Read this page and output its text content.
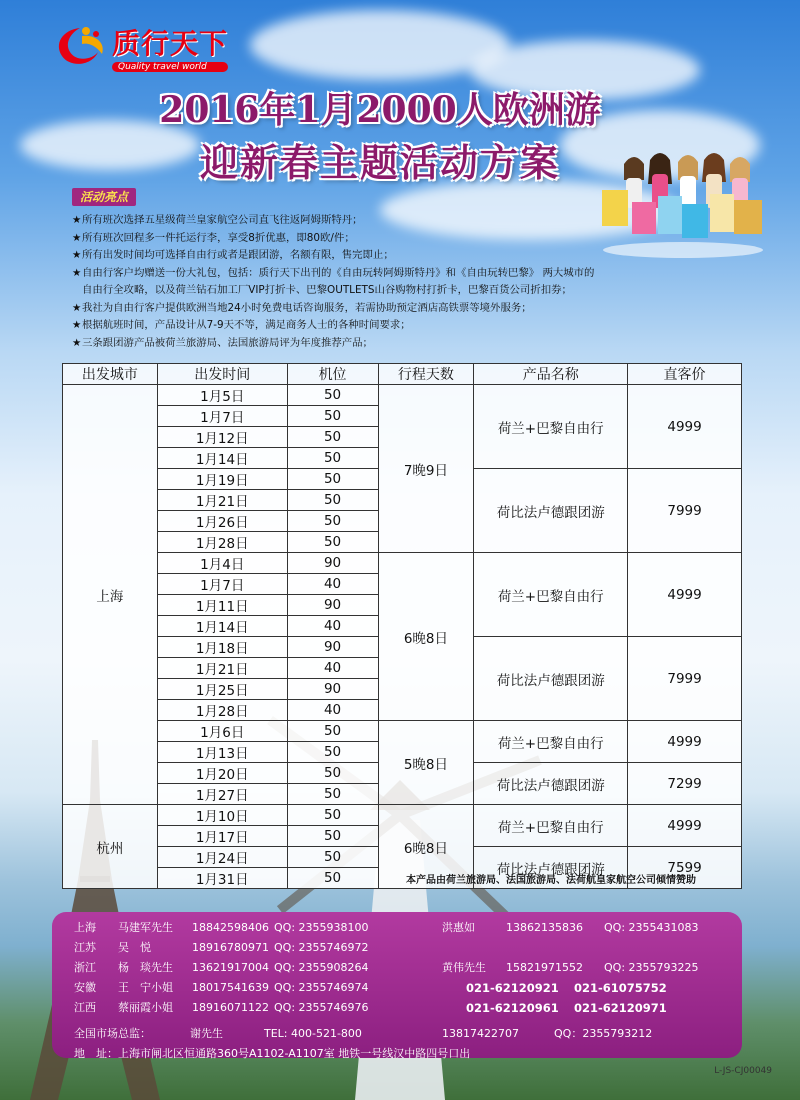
质行天下
Quality travel world
2016年1月2000人欧洲游
迎新春主题活动方案
活动亮点
★ 所有班次选择五星级荷兰皇家航空公司直飞往返阿姆斯特丹；
★ 所有班次回程多一件托运行李，享受8折优惠，即80欧/件；
★ 所有出发时间均可选择自由行或者是跟团游，名额有限，售完即止；
★ 自由行客户均赠送一份大礼包，包括：质行天下出刊的《自由玩转阿姆斯特丹》和《自由玩转巴黎》 两大城市的
自由行全攻略，以及荷兰钻石加工厂VIP打折卡、巴黎OUTLETS山谷购物村打折卡，巴黎百货公司折扣券；
★ 我社为自由行客户提供欧洲当地24小时免费电话咨询服务，若需协助预定酒店高铁票等境外服务；
★ 根据航班时间，产品设计从7-9天不等，满足商务人士的各种时间要求；
★ 三条跟团游产品被荷兰旅游局、法国旅游局评为年度推荐产品；
出发城市	出发时间	机位	行程天数	产品名称	直客价
上海	1月5日	50	7晚9日	荷兰+巴黎自由行	4999
	1月7日	50			
	1月12日	50			
	1月14日	50			
	1月19日	50		荷比法卢德跟团游	7999
	1月21日	50			
	1月26日	50			
	1月28日	50			
	1月4日	90	6晚8日	荷兰+巴黎自由行	4999
	1月7日	40			
	1月11日	90			
	1月14日	40			
	1月18日	90		荷比法卢德跟团游	7999
	1月21日	40			
	1月25日	90			
	1月28日	40			
	1月6日	50	5晚8日	荷兰+巴黎自由行	4999
	1月13日	50			
	1月20日	50		荷比法卢德跟团游	7299
	1月27日	50			
杭州	1月10日	50	6晚8日	荷兰+巴黎自由行	4999
	1月17日	50			
	1月24日	50		荷比法卢德跟团游	7599
	1月31日	50				本产品由荷兰旅游局、法国旅游局、法荷航皇家航空公司倾情赞助
上海 马建军先生 18842598406 QQ: 2355938100	洪惠如	13862135836 QQ: 2355431083
江苏 吴　悦	18916780971 QQ: 2355746972
浙江 杨　琰先生 13621917004 QQ: 2355908264	黄伟先生 15821971552 QQ: 2355793225
安徽 王　宁小姐 18017541639 QQ: 2355746974	021-62120921 021-61075752
江西 蔡丽霞小姐 18916071122 QQ: 2355746976	021-62120961 021-62120971
全国市场总监：	谢先生	TEL: 400-521-800	13817422707	QQ：2355793212
地　址：上海市闸北区恒通路360号A1102-A1107室 地铁一号线汉中路四号口出
L-JS-CJ00049
